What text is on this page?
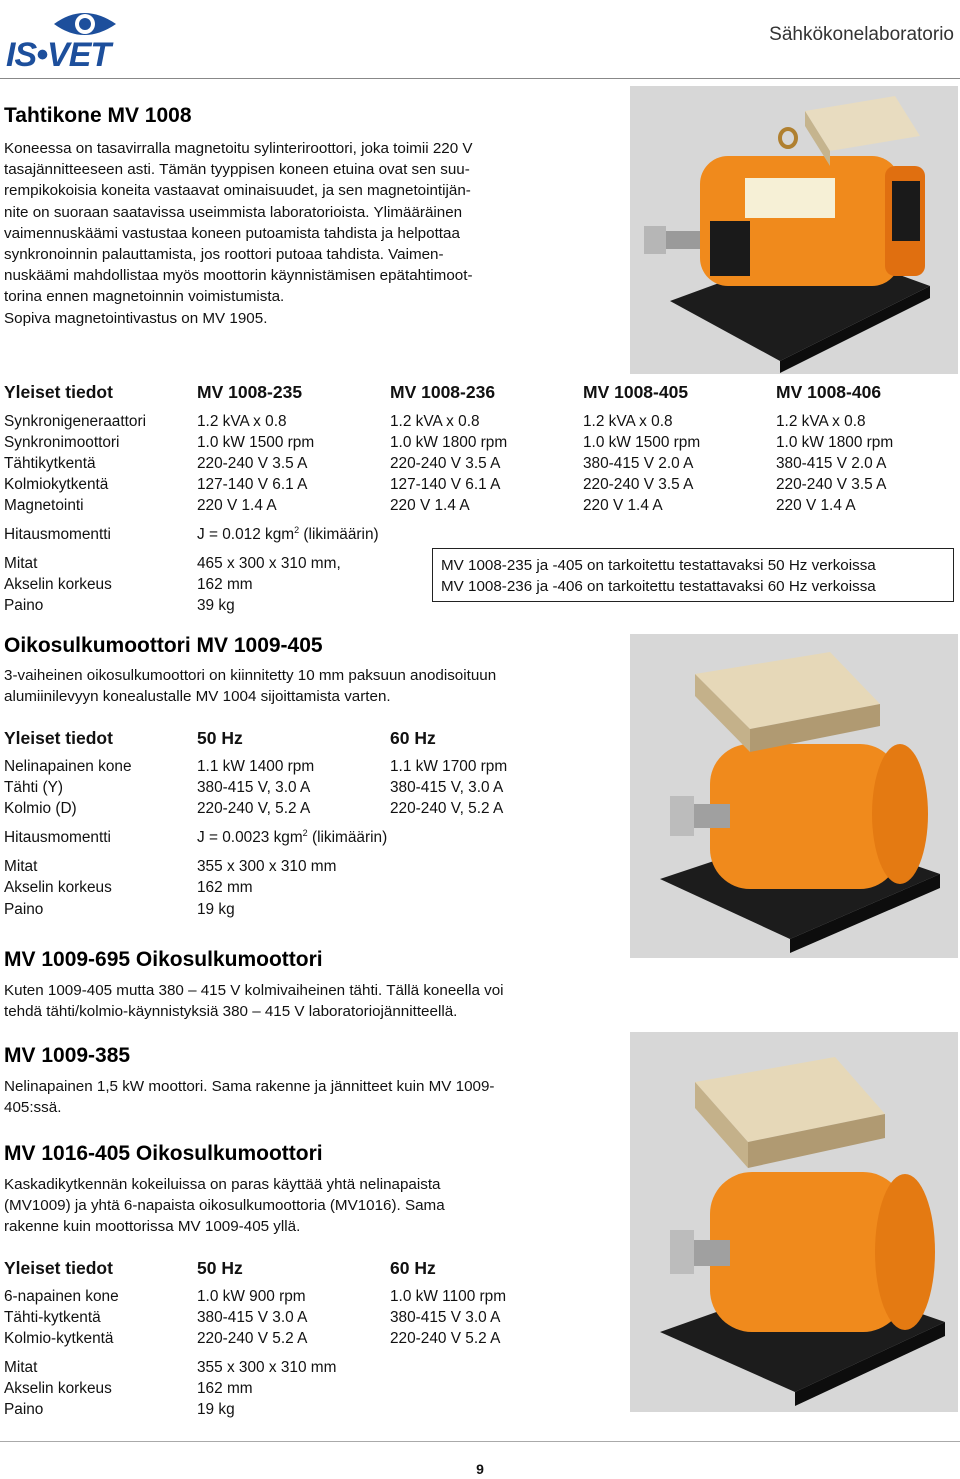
IS•VET
Sähkökonelaboratorio
Tahtikone MV 1008

Koneessa on tasavirralla magnetoitu sylinteriroottori, joka toimii 220 V

tasajännitteeseen asti. Tämän tyyppisen koneen etuina ovat sen suu-

rempikokoisia koneita vastaavat ominaisuudet, ja sen magnetointijän-

nite on suoraan saatavissa useimmista laboratorioista. Ylimääräinen

vaimennuskäämi vastustaa koneen putoamista tahdista ja helpottaa

synkronoinnin palauttamista, jos roottori putoaa tahdista. Vaimen-

nuskäämi mahdollistaa myös moottorin käynnistämisen epätahtimoot-

torina ennen magnetoinnin voimistumista.

Sopiva magnetointivastus on MV 1905.

Yleiset tiedot	MV 1008-235	MV 1008-236	MV 1008-405	MV 1008-406
Synkronigeneraattori	1.2 kVA x 0.8	1.2 kVA x 0.8	1.2 kVA x 0.8	1.2 kVA x 0.8
Synkronimoottori	1.0 kW 1500 rpm	1.0 kW 1800 rpm	1.0 kW 1500 rpm	1.0 kW 1800 rpm
Tähtikytkentä	220-240 V 3.5 A	220-240 V 3.5 A	380-415 V 2.0 A	380-415 V 2.0 A
Kolmiokytkentä	127-140 V 6.1 A	127-140 V 6.1 A	220-240 V 3.5 A	220-240 V 3.5 A
Magnetointi	220 V 1.4 A	220 V 1.4 A	220 V 1.4 A	220 V 1.4 A
Hitausmomentti	J = 0.012 kgm$^2$ (likimäärin)
Mitat	465 x 300 x 310 mm,
Akselin korkeus	162 mm
Paino	39 kg
MV 1008-235 ja -405 on tarkoitettu testattavaksi 50 Hz verkoissa
MV 1008-236 ja -406 on tarkoitettu testattavaksi 60 Hz verkoissa
Oikosulkumoottori MV 1009-405

3-vaiheinen oikosulkumoottori on kiinnitetty 10 mm paksuun anodisoituun

alumiinilevyyn konealustalle MV 1004 sijoittamista varten.

Yleiset tiedot	50 Hz	60 Hz
Nelinapainen kone	1.1 kW 1400 rpm	1.1 kW 1700 rpm
Tähti (Y)	380-415 V, 3.0 A	380-415 V, 3.0 A
Kolmio (D)	220-240 V, 5.2 A	220-240 V, 5.2 A
Hitausmomentti	J = 0.0023 kgm$^2$ (likimäärin)
Mitat	355 x 300 x 310 mm
Akselin korkeus	162 mm
Paino	19 kg
MV 1009-695 Oikosulkumoottori

Kuten 1009-405 mutta 380 – 415 V kolmivaiheinen tähti. Tällä koneella voi

tehdä tähti/kolmio-käynnistyksiä 380 – 415 V laboratoriojännitteellä.

MV 1009-385

Nelinapainen 1,5 kW moottori. Sama rakenne ja jännitteet kuin MV 1009-

405:ssä.

MV 1016-405 Oikosulkumoottori

Kaskadikytkennän kokeiluissa on paras käyttää yhtä nelinapaista

(MV1009) ja yhtä 6-napaista oikosulkumoottoria (MV1016). Sama

rakenne kuin moottorissa MV 1009-405 yllä.

Yleiset tiedot	50 Hz	60 Hz
6-napainen kone	1.0 kW 900 rpm	1.0 kW 1100 rpm
Tähti-kytkentä	380-415 V 3.0 A	380-415 V 3.0 A
Kolmio-kytkentä	220-240 V 5.2 A	220-240 V 5.2 A
Mitat	355 x 300 x 310 mm
Akselin korkeus	162 mm
Paino	19 kg
9
